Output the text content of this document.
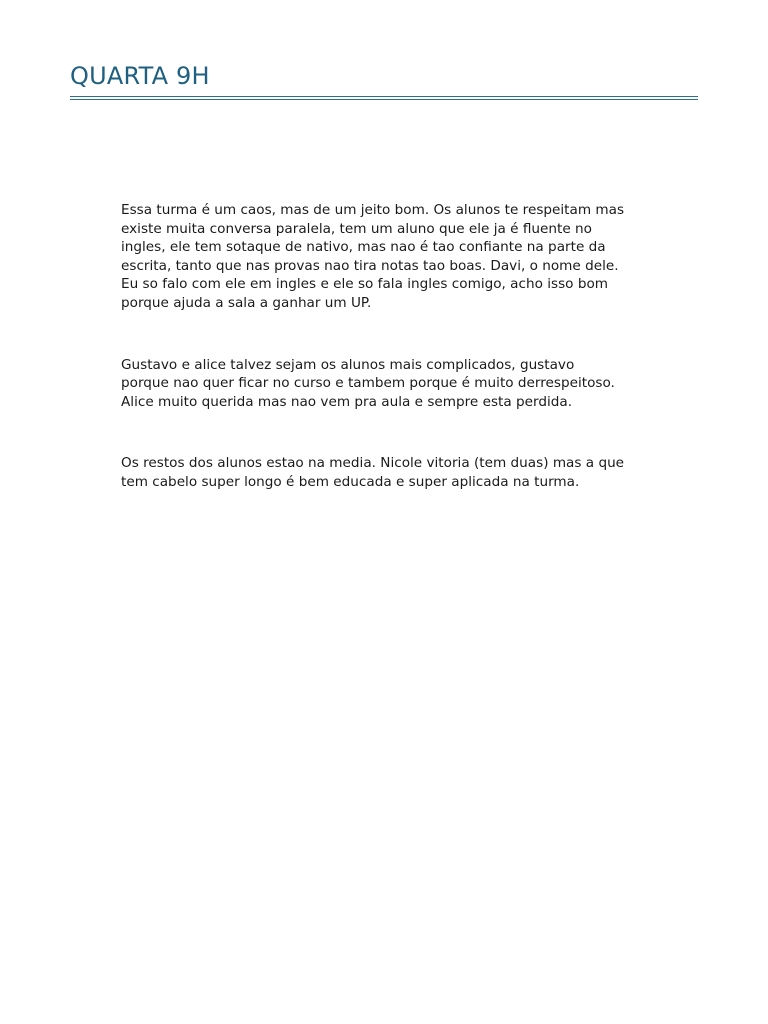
QUARTA 9H

Essa turma é um caos, mas de um jeito bom. Os alunos te respeitam mas
existe muita conversa paralela, tem um aluno que ele ja é fluente no
ingles, ele tem sotaque de nativo, mas nao é tao confiante na parte da
escrita, tanto que nas provas nao tira notas tao boas. Davi, o nome dele.
Eu so falo com ele em ingles e ele so fala ingles comigo, acho isso bom
porque ajuda a sala a ganhar um UP.

Gustavo e alice talvez sejam os alunos mais complicados, gustavo
porque nao quer ficar no curso e tambem porque é muito derrespeitoso.
Alice muito querida mas nao vem pra aula e sempre esta perdida.

Os restos dos alunos estao na media. Nicole vitoria (tem duas) mas a que
tem cabelo super longo é bem educada e super aplicada na turma.
